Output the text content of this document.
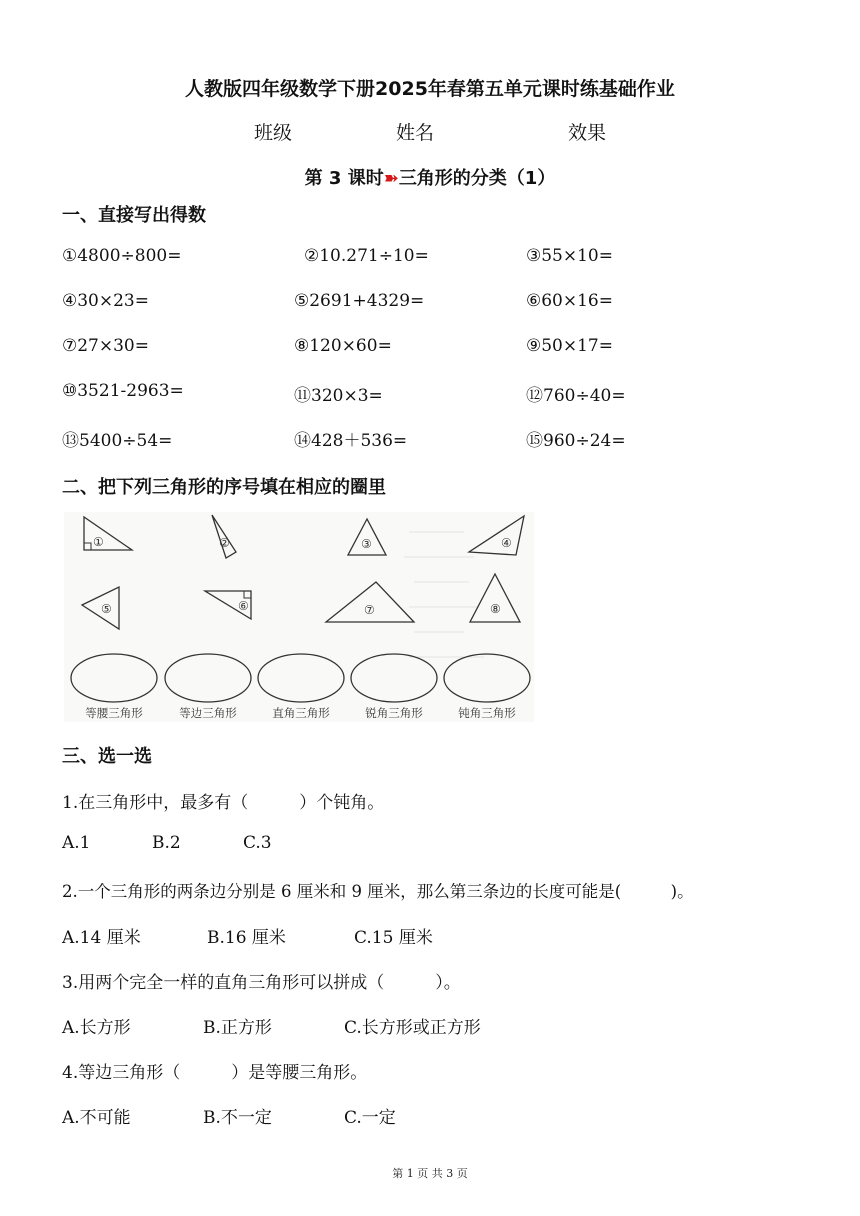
人教版四年级数学下册2025年春第五单元课时练基础作业
班级	姓名	效果
第 3 课时➽三角形的分类（1）
一、直接写出得数
①4800÷800=	②10.271÷10=	③55×10=
④30×23=	⑤2691+4329=	⑥60×16=
⑦27×30=	⑧120×60=	⑨50×17=
⑩3521-2963=	⑪320×3=	⑫760÷40=
⑬5400÷54=	⑭428＋536=	⑮960÷24=
二、把下列三角形的序号填在相应的圈里
①	②	③	④
⑤	⑥	⑦	⑧
等腰三角形	等边三角形	直角三角形	锐角三角形	钝角三角形
三、选一选
1.在三角形中，最多有（　　　）个钝角。
A.1	B.2	C.3
2.一个三角形的两条边分别是 6 厘米和 9 厘米，那么第三条边的长度可能是(　　　)。
A.14 厘米	B.16 厘米	C.15 厘米
3.用两个完全一样的直角三角形可以拼成（　　　）。
A.长方形	B.正方形	C.长方形或正方形
4.等边三角形（　　　）是等腰三角形。
A.不可能	B.不一定	C.一定
第 1 页 共 3 页
